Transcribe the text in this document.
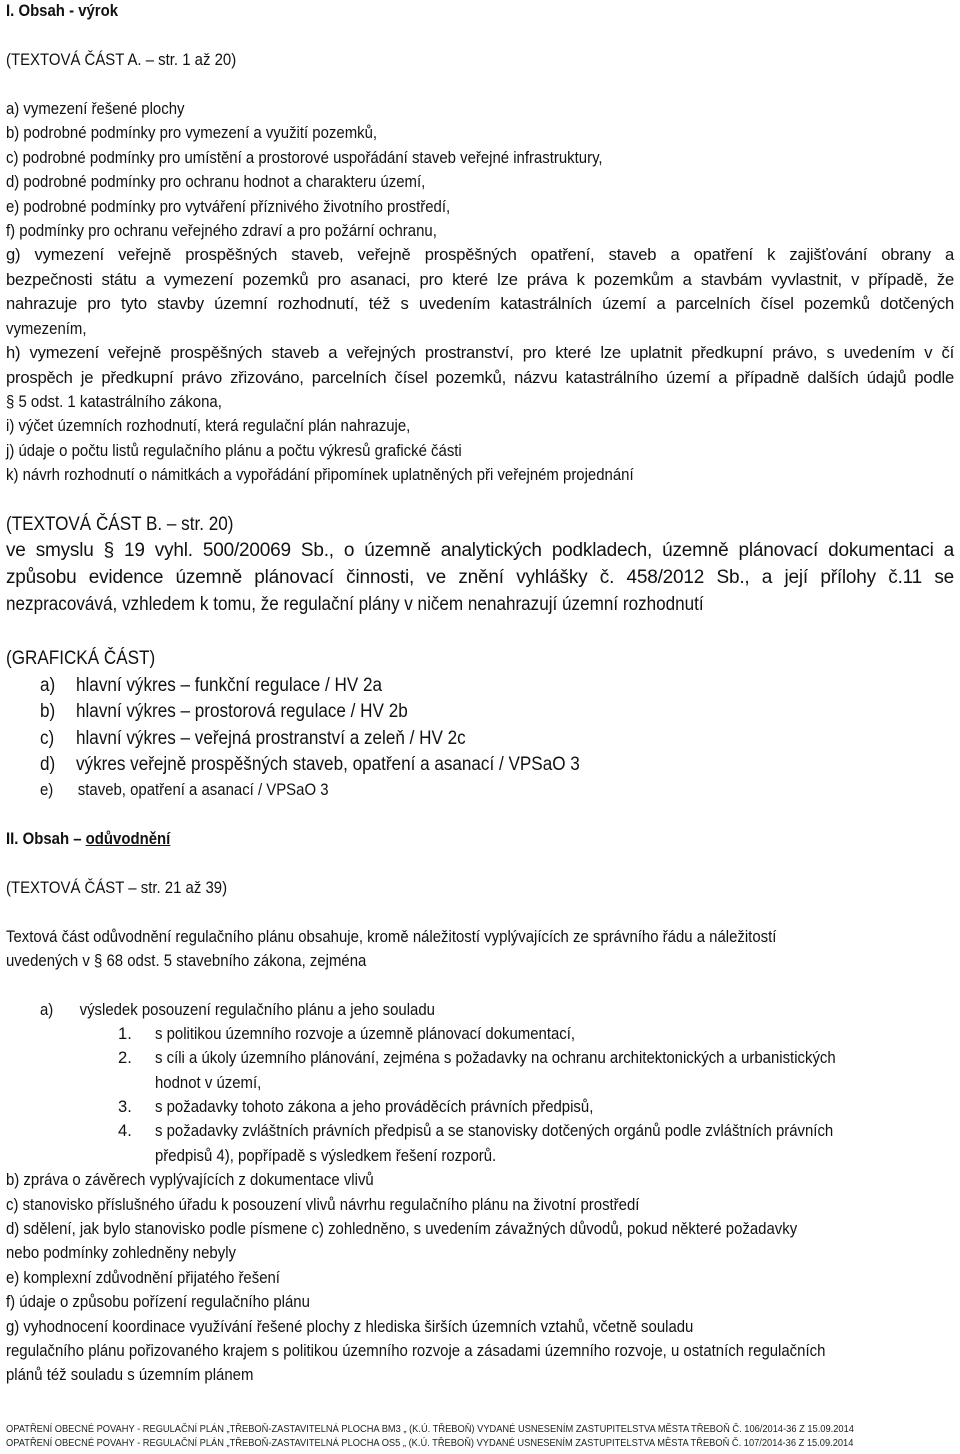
I. Obsah - výrok
(TEXTOVÁ ČÁST A. – str. 1 až 20)
a) vymezení řešené plochy
b) podrobné podmínky pro vymezení a využití pozemků,
c) podrobné podmínky pro umístění a prostorové uspořádání staveb veřejné infrastruktury,
d) podrobné podmínky pro ochranu hodnot a charakteru území,
e) podrobné podmínky pro vytváření příznivého životního prostředí,
f) podmínky pro ochranu veřejného zdraví a pro požární ochranu,
g) vymezení veřejně prospěšných staveb, veřejně prospěšných opatření, staveb a opatření k zajišťování obrany a
bezpečnosti státu a vymezení pozemků pro asanaci, pro které lze práva k pozemkům a stavbám vyvlastnit, v případě, že
nahrazuje pro tyto stavby územní rozhodnutí, též s uvedením katastrálních území a parcelních čísel pozemků dotčených
vymezením,
h) vymezení veřejně prospěšných staveb a veřejných prostranství, pro které lze uplatnit předkupní právo, s uvedením v čí
prospěch je předkupní právo zřizováno, parcelních čísel pozemků, názvu katastrálního území a případně dalších údajů podle
§ 5 odst. 1 katastrálního zákona,
i) výčet územních rozhodnutí, která regulační plán nahrazuje,
j) údaje o počtu listů regulačního plánu a počtu výkresů grafické části
k) návrh rozhodnutí o námitkách a vypořádání připomínek uplatněných při veřejném projednání
(TEXTOVÁ ČÁST B. – str. 20)
ve smyslu § 19 vyhl. 500/20069 Sb., o územně analytických podkladech, územně plánovací dokumentaci a
způsobu evidence územně plánovací činnosti, ve znění vyhlášky č. 458/2012 Sb., a její přílohy č.11 se
nezpracovává, vzhledem k tomu, že regulační plány v ničem nenahrazují územní rozhodnutí
(GRAFICKÁ ČÁST)
a) hlavní výkres – funkční regulace / HV 2a
b) hlavní výkres – prostorová regulace / HV 2b
c) hlavní výkres – veřejná prostranství a zeleň / HV 2c
d) výkres veřejně prospěšných staveb, opatření a asanací / VPSaO 3
e) staveb, opatření a asanací / VPSaO 3
II. Obsah – odůvodnění
(TEXTOVÁ ČÁST – str. 21 až 39)
Textová část odůvodnění regulačního plánu obsahuje, kromě náležitostí vyplývajících ze správního řádu a náležitostí
uvedených v § 68 odst. 5 stavebního zákona, zejména
a) výsledek posouzení regulačního plánu a jeho souladu
1. s politikou územního rozvoje a územně plánovací dokumentací,
2. s cíli a úkoly územního plánování, zejména s požadavky na ochranu architektonických a urbanistických
hodnot v území,
3. s požadavky tohoto zákona a jeho prováděcích právních předpisů,
4. s požadavky zvláštních právních předpisů a se stanovisky dotčených orgánů podle zvláštních právních
předpisů 4), popřípadě s výsledkem řešení rozporů.
b) zpráva o závěrech vyplývajících z dokumentace vlivů
c) stanovisko příslušného úřadu k posouzení vlivů návrhu regulačního plánu na životní prostředí
d) sdělení, jak bylo stanovisko podle písmene c) zohledněno, s uvedením závažných důvodů, pokud některé požadavky
nebo podmínky zohledněny nebyly
e) komplexní zdůvodnění přijatého řešení
f) údaje o způsobu pořízení regulačního plánu
g) vyhodnocení koordinace využívání řešené plochy z hlediska širších územních vztahů, včetně souladu
regulačního plánu pořizovaného krajem s politikou územního rozvoje a zásadami územního rozvoje, u ostatních regulačních
plánů též souladu s územním plánem
OPATŘENÍ OBECNÉ POVAHY - REGULAČNÍ PLÁN „TŘEBOŇ-ZASTAVITELNÁ PLOCHA BM3 „ (K.Ú. TŘEBOŇ) VYDANÉ USNESENÍM ZASTUPITELSTVA MĚSTA TŘEBOŇ Č. 106/2014-36 Z 15.09.2014
OPATŘENÍ OBECNÉ POVAHY - REGULAČNÍ PLÁN „TŘEBOŇ-ZASTAVITELNÁ PLOCHA OS5 „ (K.Ú. TŘEBOŇ) VYDANÉ USNESENÍM ZASTUPITELSTVA MĚSTA TŘEBOŇ Č. 107/2014-36 Z 15.09.2014
